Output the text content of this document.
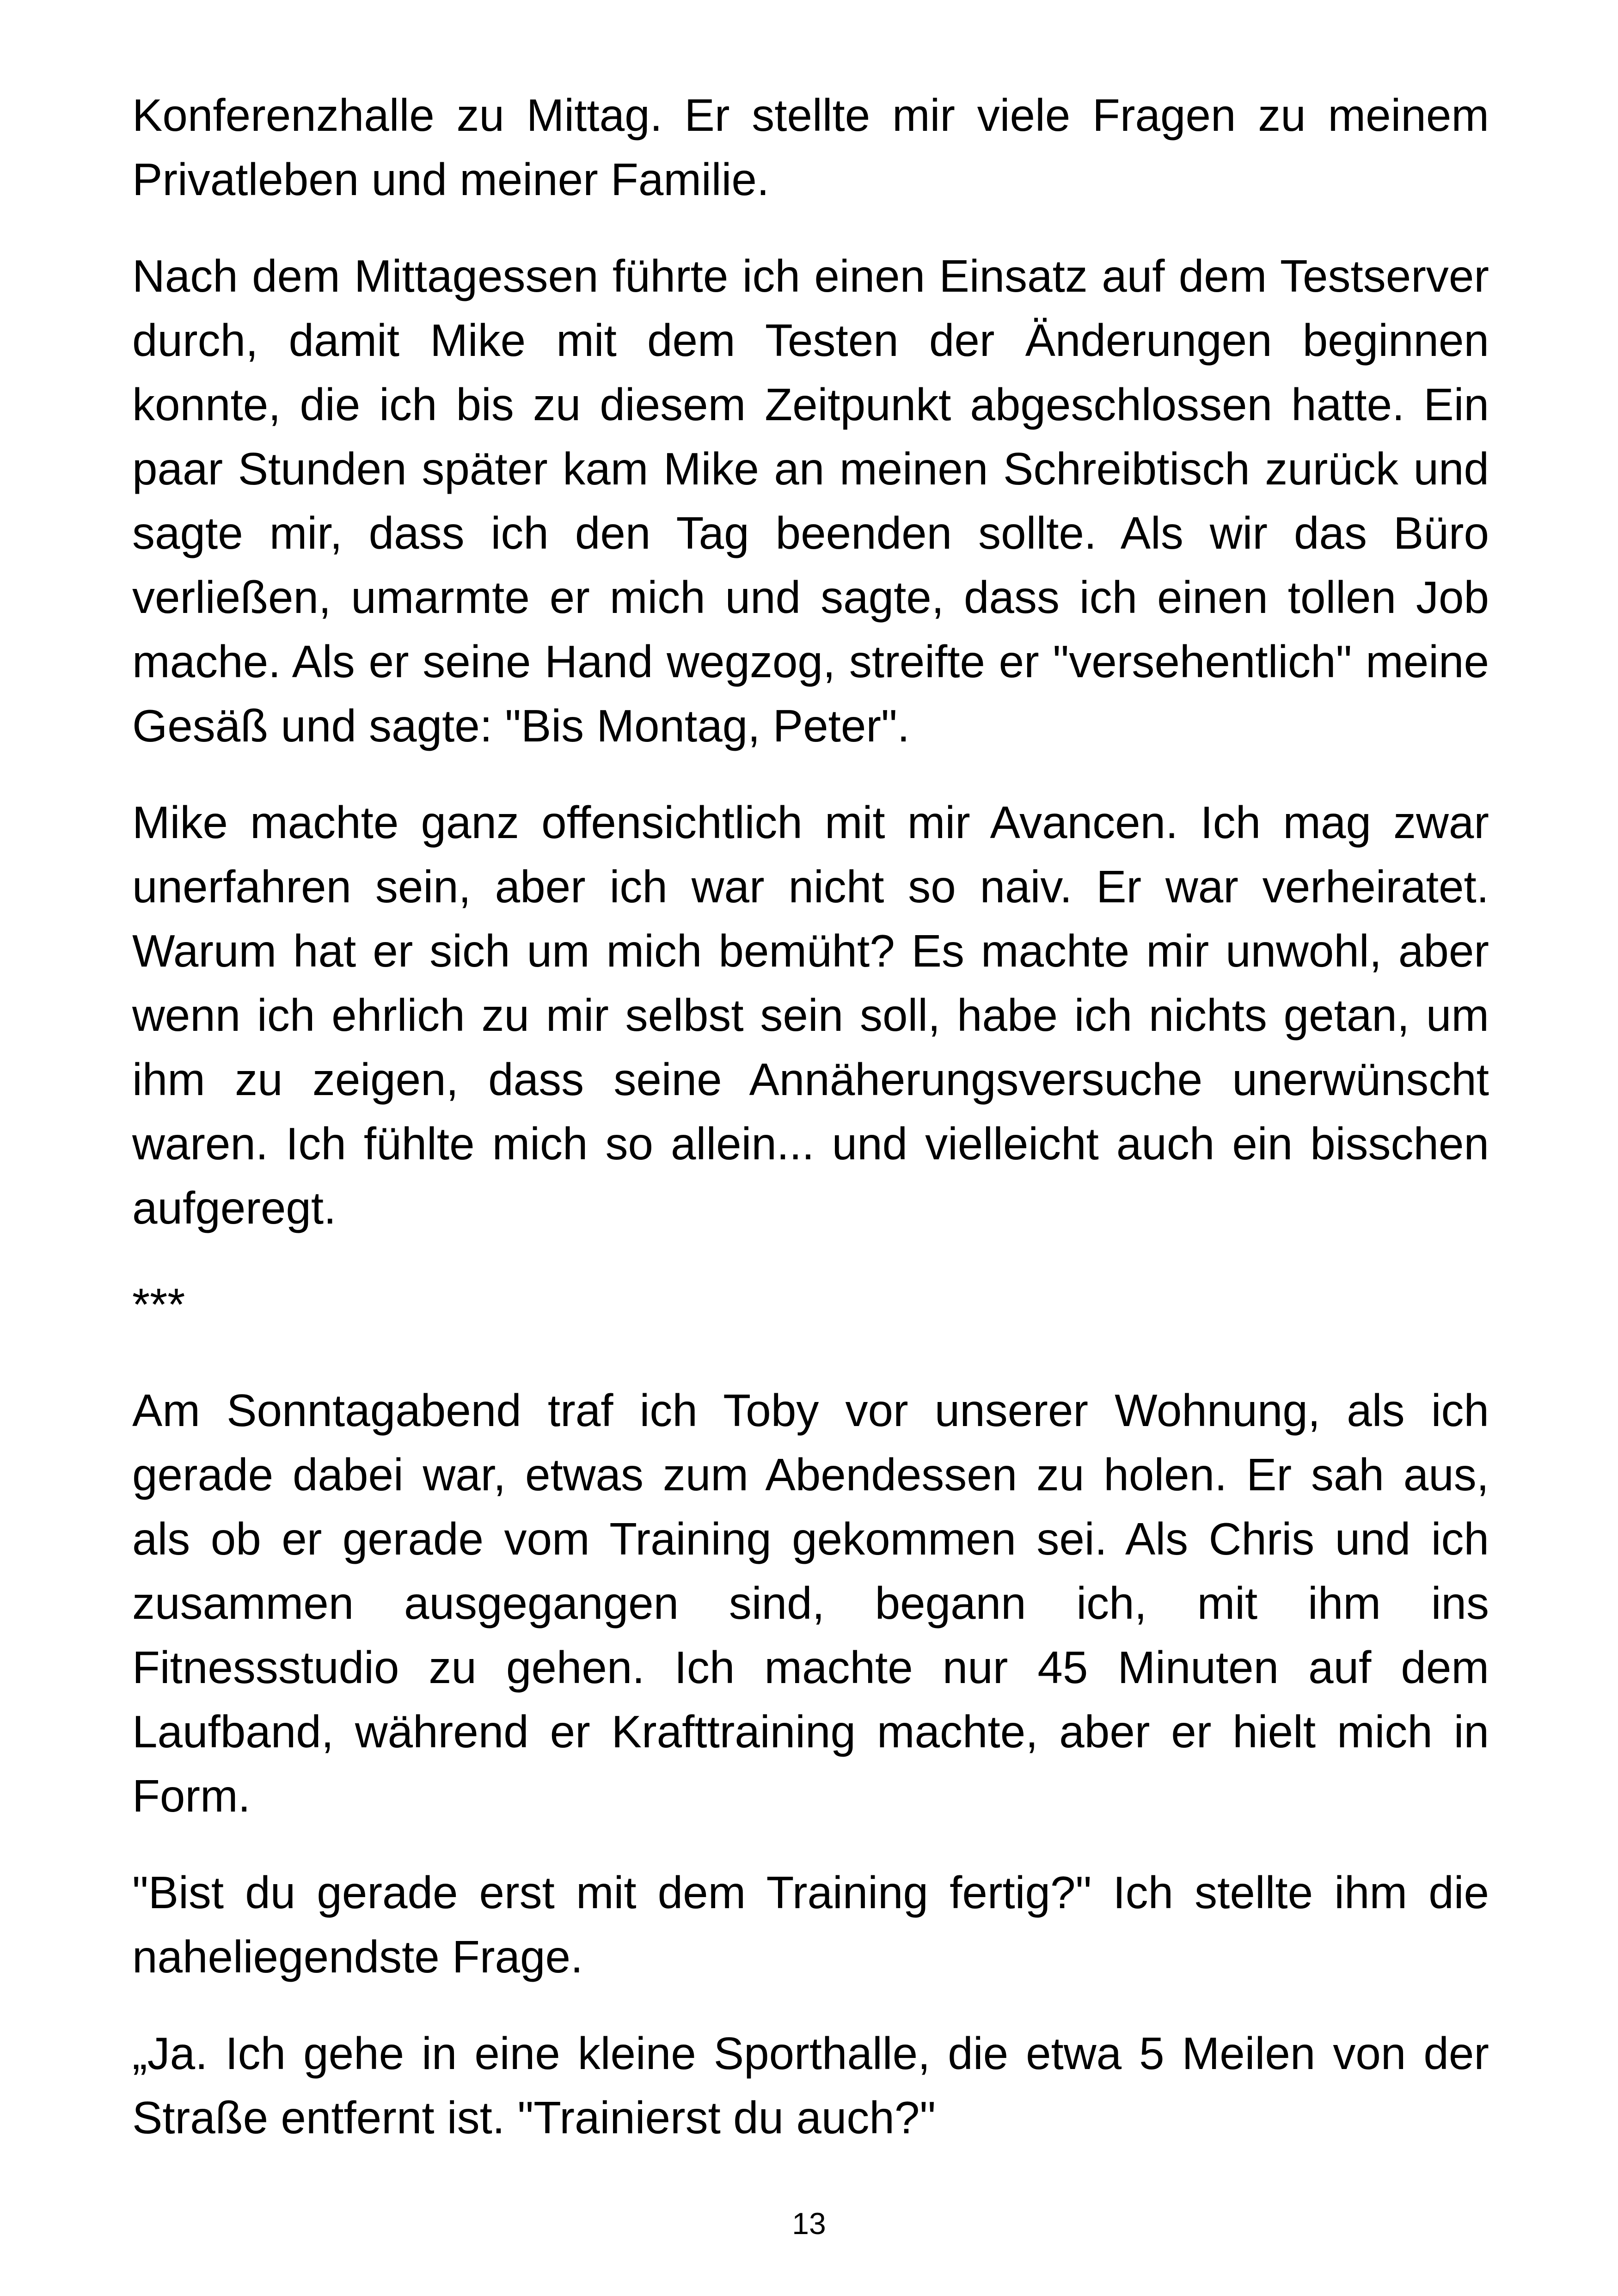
Konferenzhalle zu Mittag. Er stellte mir viele Fragen zu meinem Privatleben und meiner Familie.

Nach dem Mittagessen führte ich einen Einsatz auf dem Testserver durch, damit Mike mit dem Testen der Änderungen beginnen konnte, die ich bis zu diesem Zeitpunkt abgeschlossen hatte. Ein paar Stunden später kam Mike an meinen Schreibtisch zurück und sagte mir, dass ich den Tag beenden sollte. Als wir das Büro verließen, umarmte er mich und sagte, dass ich einen tollen Job mache. Als er seine Hand wegzog, streifte er "versehentlich" meine Gesäß und sagte: "Bis Montag, Peter".

Mike machte ganz offensichtlich mit mir Avancen. Ich mag zwar unerfahren sein, aber ich war nicht so naiv. Er war verheiratet. Warum hat er sich um mich bemüht? Es machte mir unwohl, aber wenn ich ehrlich zu mir selbst sein soll, habe ich nichts getan, um ihm zu zeigen, dass seine Annäherungsversuche unerwünscht waren. Ich fühlte mich so allein... und vielleicht auch ein bisschen aufgeregt.

***

Am Sonntagabend traf ich Toby vor unserer Wohnung, als ich gerade dabei war, etwas zum Abendessen zu holen. Er sah aus, als ob er gerade vom Training gekommen sei. Als Chris und ich zusammen ausgegangen sind, begann ich, mit ihm ins Fitnessstudio zu gehen. Ich machte nur 45 Minuten auf dem Laufband, während er Krafttraining machte, aber er hielt mich in Form.

"Bist du gerade erst mit dem Training fertig?" Ich stellte ihm die naheliegendste Frage.

„Ja. Ich gehe in eine kleine Sporthalle, die etwa 5 Meilen von der Straße entfernt ist. "Trainierst du auch?"

13
